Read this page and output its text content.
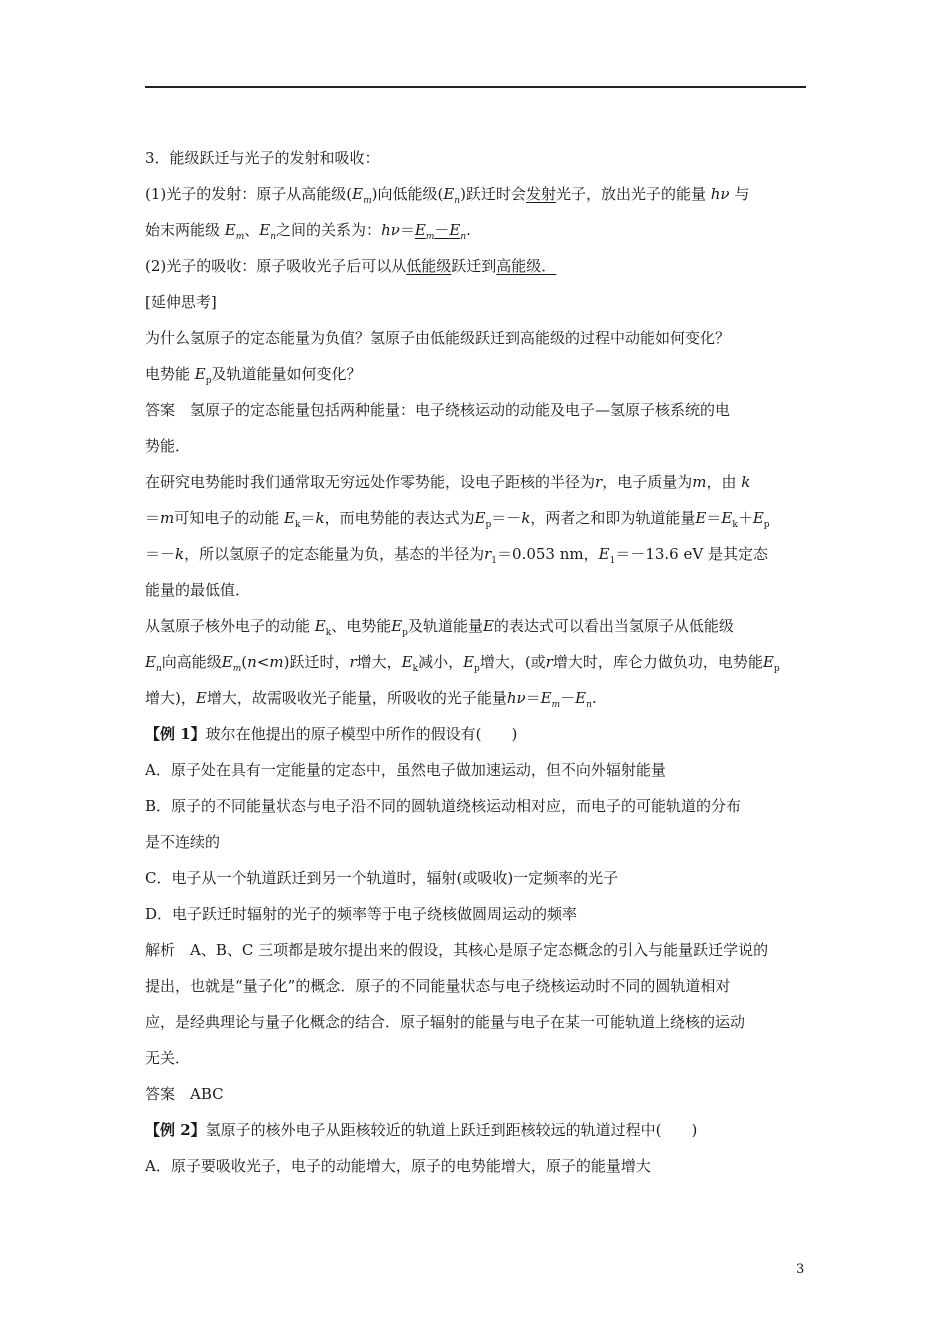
3．能级跃迁与光子的发射和吸收：
(1)光子的发射：原子从高能级$(E_m)$向低能级$(E_n)$跃迁时会发射光子，放出光子的能量 hν 与
始末两能级 $E_m$、$E_n$之间的关系为：$h\nu=E_m-E_n$.
(2)光子的吸收：原子吸收光子后可以从低能级跃迁到高能级．
[延伸思考]
为什么氢原子的定态能量为负值？氢原子由低能级跃迁到高能级的过程中动能如何变化？
电势能 $E_p$及轨道能量如何变化？
答案　氢原子的定态能量包括两种能量：电子绕核运动的动能及电子—氢原子核系统的电
势能．
在研究电势能时我们通常取无穷远处作零势能，设电子距核的半径为r，电子质量为m，由 k
＝m可知电子的动能 $E_k=k$，而电势能的表达式为$E_p=-k$，两者之和即为轨道能量$E=E_k+E_p$
＝－k，所以氢原子的定态能量为负，基态的半径为$r_1=0.053$ nm，$E_1=-13.6$ eV 是其定态
能量的最低值．
从氢原子核外电子的动能 $E_k$、电势能$E_p$及轨道能量E的表达式可以看出当氢原子从低能级
$E_n$向高能级$E_m(n<m)$跃迁时，r增大，$E_k$减小，$E_p$增大，(或r增大时，库仑力做负功，电势能$E_p$
增大)，E增大，故需吸收光子能量，所吸收的光子能量$h\nu=E_m-E_n$.
【例 1】玻尔在他提出的原子模型中所作的假设有(　　)
A．原子处在具有一定能量的定态中，虽然电子做加速运动，但不向外辐射能量
B．原子的不同能量状态与电子沿不同的圆轨道绕核运动相对应，而电子的可能轨道的分布
是不连续的
C．电子从一个轨道跃迁到另一个轨道时，辐射(或吸收)一定频率的光子
D．电子跃迁时辐射的光子的频率等于电子绕核做圆周运动的频率
解析　A、B、C 三项都是玻尔提出来的假设，其核心是原子定态概念的引入与能量跃迁学说的
提出，也就是“量子化”的概念．原子的不同能量状态与电子绕核运动时不同的圆轨道相对
应，是经典理论与量子化概念的结合．原子辐射的能量与电子在某一可能轨道上绕核的运动
无关．
答案　ABC
【例 2】氢原子的核外电子从距核较近的轨道上跃迁到距核较远的轨道过程中(　　)
A．原子要吸收光子，电子的动能增大，原子的电势能增大，原子的能量增大
3
